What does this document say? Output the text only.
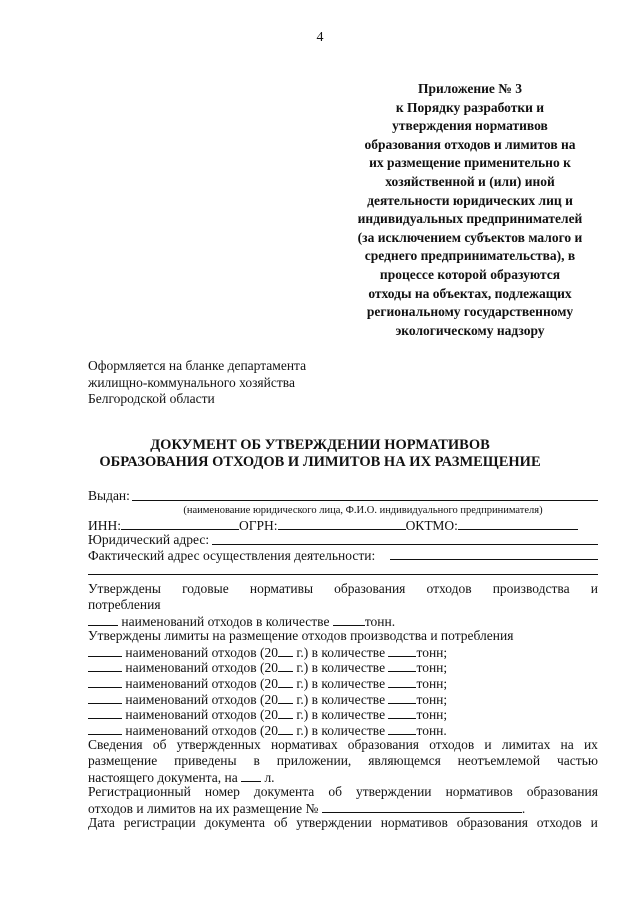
4
Приложение № 3
к Порядку разработки и
утверждения нормативов
образования отходов и лимитов на
их размещение применительно к
хозяйственной и (или) иной
деятельности юридических лиц и
индивидуальных предпринимателей
(за исключением субъектов малого и
среднего предпринимательства), в
процессе которой образуются
отходы на объектах, подлежащих
региональному государственному
экологическому надзору
Оформляется на бланке департамента
жилищно-коммунального хозяйства
Белгородской области
ДОКУМЕНТ ОБ УТВЕРЖДЕНИИ НОРМАТИВОВ
ОБРАЗОВАНИЯ ОТХОДОВ И ЛИМИТОВ НА ИХ РАЗМЕЩЕНИЕ
Выдан:
(наименование юридического лица, Ф.И.О. индивидуального предпринимателя)
ИНН:	ОГРН:	ОКТМО:
Юридический адрес:
Фактический адрес осуществления деятельности:
Утверждены годовые нормативы образования отходов производства и
потребления
наименований отходов в количестве	тонн.
Утверждены лимиты на размещение отходов производства и потребления
наименований отходов (20 г.) в количестве тонн;
наименований отходов (20 г.) в количестве тонн;
наименований отходов (20 г.) в количестве тонн;
наименований отходов (20 г.) в количестве тонн;
наименований отходов (20 г.) в количестве тонн;
наименований отходов (20 г.) в количестве тонн.
Сведения об утвержденных нормативах образования отходов и лимитах на их
размещение приведены в приложении, являющемся неотъемлемой частью
настоящего документа, на л.
Регистрационный номер документа об утверждении нормативов образования
отходов и лимитов на их размещение №	.
Дата регистрации документа об утверждении нормативов образования отходов и
